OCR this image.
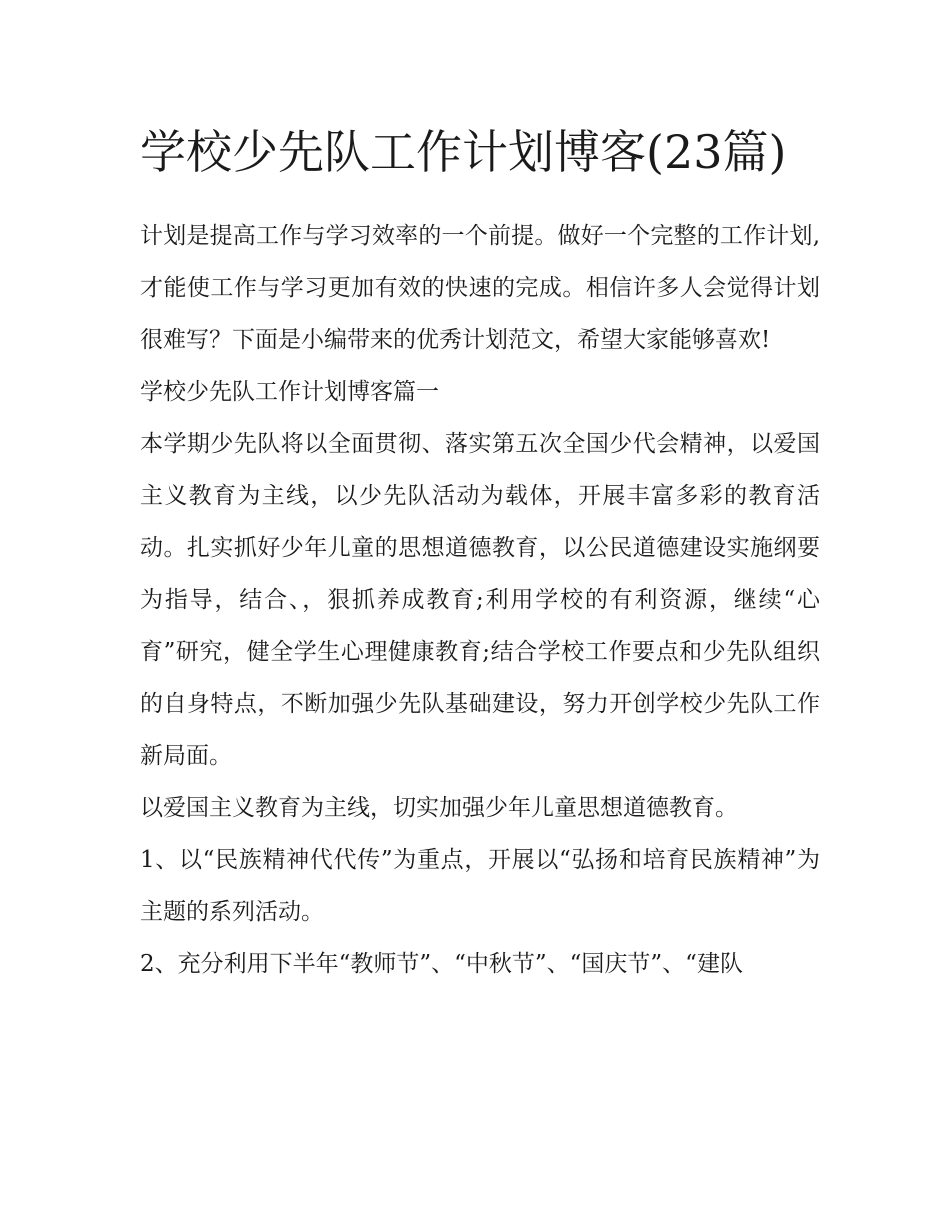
学校少先队工作计划博客(23篇)

计划是提高工作与学习效率的一个前提。做好一个完整的工作计划,才能使工作与学习更加有效的快速的完成。相信许多人会觉得计划很难写？下面是小编带来的优秀计划范文，希望大家能够喜欢!

学校少先队工作计划博客篇一

本学期少先队将以全面贯彻、落实第五次全国少代会精神，以爱国主义教育为主线，以少先队活动为载体，开展丰富多彩的教育活动。扎实抓好少年儿童的思想道德教育，以公民道德建设实施纲要为指导，结合、，狠抓养成教育;利用学校的有利资源，继续“心育”研究，健全学生心理健康教育;结合学校工作要点和少先队组织的自身特点，不断加强少先队基础建设，努力开创学校少先队工作新局面。

以爱国主义教育为主线，切实加强少年儿童思想道德教育。

1、以“民族精神代代传”为重点，开展以“弘扬和培育民族精神”为主题的系列活动。

2、充分利用下半年“教师节”、“中秋节”、“国庆节”、“建队
